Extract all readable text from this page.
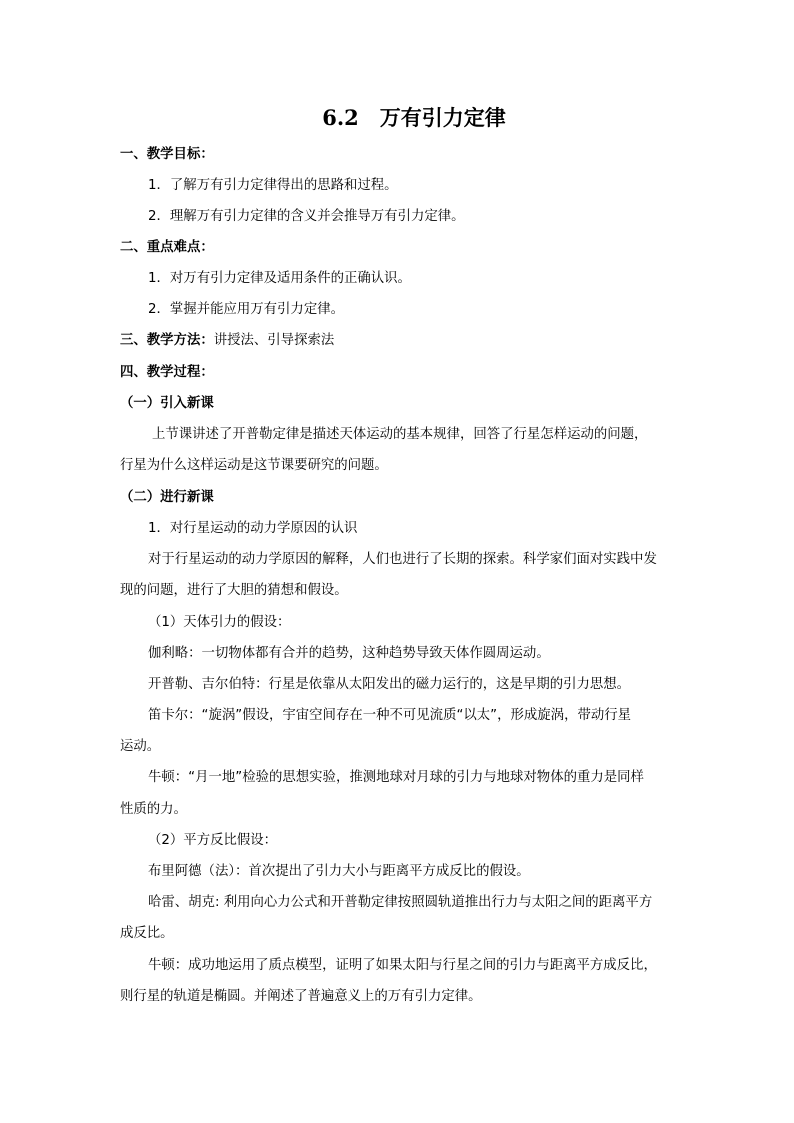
6.2　万有引力定律
一、教学目标：
1．了解万有引力定律得出的思路和过程。
2．理解万有引力定律的含义并会推导万有引力定律。
二、重点难点：
1．对万有引力定律及适用条件的正确认识。
2．掌握并能应用万有引力定律。
三、教学方法：讲授法、引导探索法
四、教学过程：
（一）引入新课
上节课讲述了开普勒定律是描述天体运动的基本规律，回答了行星怎样运动的问题，
行星为什么这样运动是这节课要研究的问题。
（二）进行新课
1．对行星运动的动力学原因的认识
对于行星运动的动力学原因的解释，人们也进行了长期的探索。科学家们面对实践中发
现的问题，进行了大胆的猜想和假设。
（1）天体引力的假设：
伽利略：一切物体都有合并的趋势，这种趋势导致天体作圆周运动。
开普勒、吉尔伯特：行星是依靠从太阳发出的磁力运行的，这是早期的引力思想。
笛卡尔：“旋涡”假设，宇宙空间存在一种不可见流质“以太”，形成旋涡，带动行星
运动。
牛顿：“月一地”检验的思想实验，推测地球对月球的引力与地球对物体的重力是同样
性质的力。
（2）平方反比假设：
布里阿德（法）：首次提出了引力大小与距离平方成反比的假设。
哈雷、胡克: 利用向心力公式和开普勒定律按照圆轨道推出行力与太阳之间的距离平方
成反比。
牛顿：成功地运用了质点模型，证明了如果太阳与行星之间的引力与距离平方成反比，
则行星的轨道是椭圆。并阐述了普遍意义上的万有引力定律。
